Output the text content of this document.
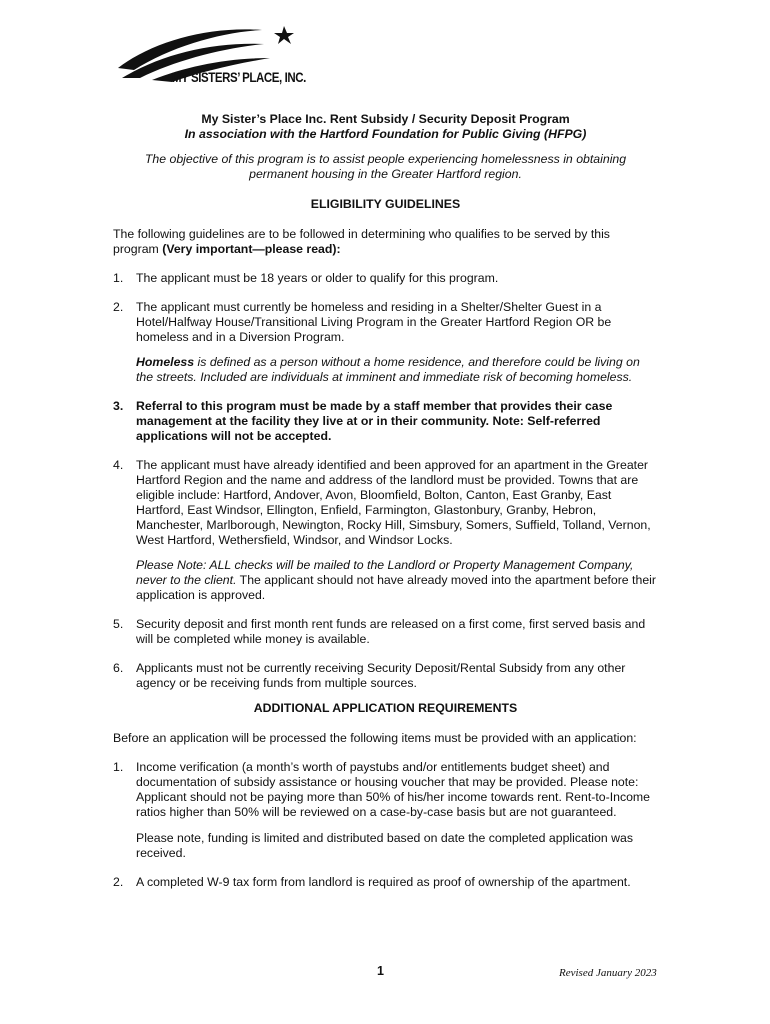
MY SISTERS’ PLACE, INC.

My Sister’s Place Inc. Rent Subsidy / Security Deposit Program

In association with the Hartford Foundation for Public Giving (HFPG)

The objective of this program is to assist people experiencing homelessness in obtaining permanent housing in the Greater Hartford region.

ELIGIBILITY GUIDELINES

The following guidelines are to be followed in determining who qualifies to be served by this program (Very important—please read):

1. The applicant must be 18 years or older to qualify for this program.

2. The applicant must currently be homeless and residing in a Shelter/Shelter Guest in a Hotel/Halfway House/Transitional Living Program in the Greater Hartford Region OR be homeless and in a Diversion Program.

Homeless is defined as a person without a home residence, and therefore could be living on the streets. Included are individuals at imminent and immediate risk of becoming homeless.

3. Referral to this program must be made by a staff member that provides their case management at the facility they live at or in their community. Note: Self-referred applications will not be accepted.

4. The applicant must have already identified and been approved for an apartment in the Greater Hartford Region and the name and address of the landlord must be provided. Towns that are eligible include: Hartford, Andover, Avon, Bloomfield, Bolton, Canton, East Granby, East Hartford, East Windsor, Ellington, Enfield, Farmington, Glastonbury, Granby, Hebron, Manchester, Marlborough, Newington, Rocky Hill, Simsbury, Somers, Suffield, Tolland, Vernon, West Hartford, Wethersfield, Windsor, and Windsor Locks.

Please Note: ALL checks will be mailed to the Landlord or Property Management Company, never to the client. The applicant should not have already moved into the apartment before their application is approved.

5. Security deposit and first month rent funds are released on a first come, first served basis and will be completed while money is available.

6. Applicants must not be currently receiving Security Deposit/Rental Subsidy from any other agency or be receiving funds from multiple sources.

ADDITIONAL APPLICATION REQUIREMENTS

Before an application will be processed the following items must be provided with an application:

1. Income verification (a month’s worth of paystubs and/or entitlements budget sheet) and documentation of subsidy assistance or housing voucher that may be provided. Please note: Applicant should not be paying more than 50% of his/her income towards rent. Rent-to-Income ratios higher than 50% will be reviewed on a case-by-case basis but are not guaranteed.

Please note, funding is limited and distributed based on date the completed application was received.

2. A completed W-9 tax form from landlord is required as proof of ownership of the apartment.

1	Revised January 2023
